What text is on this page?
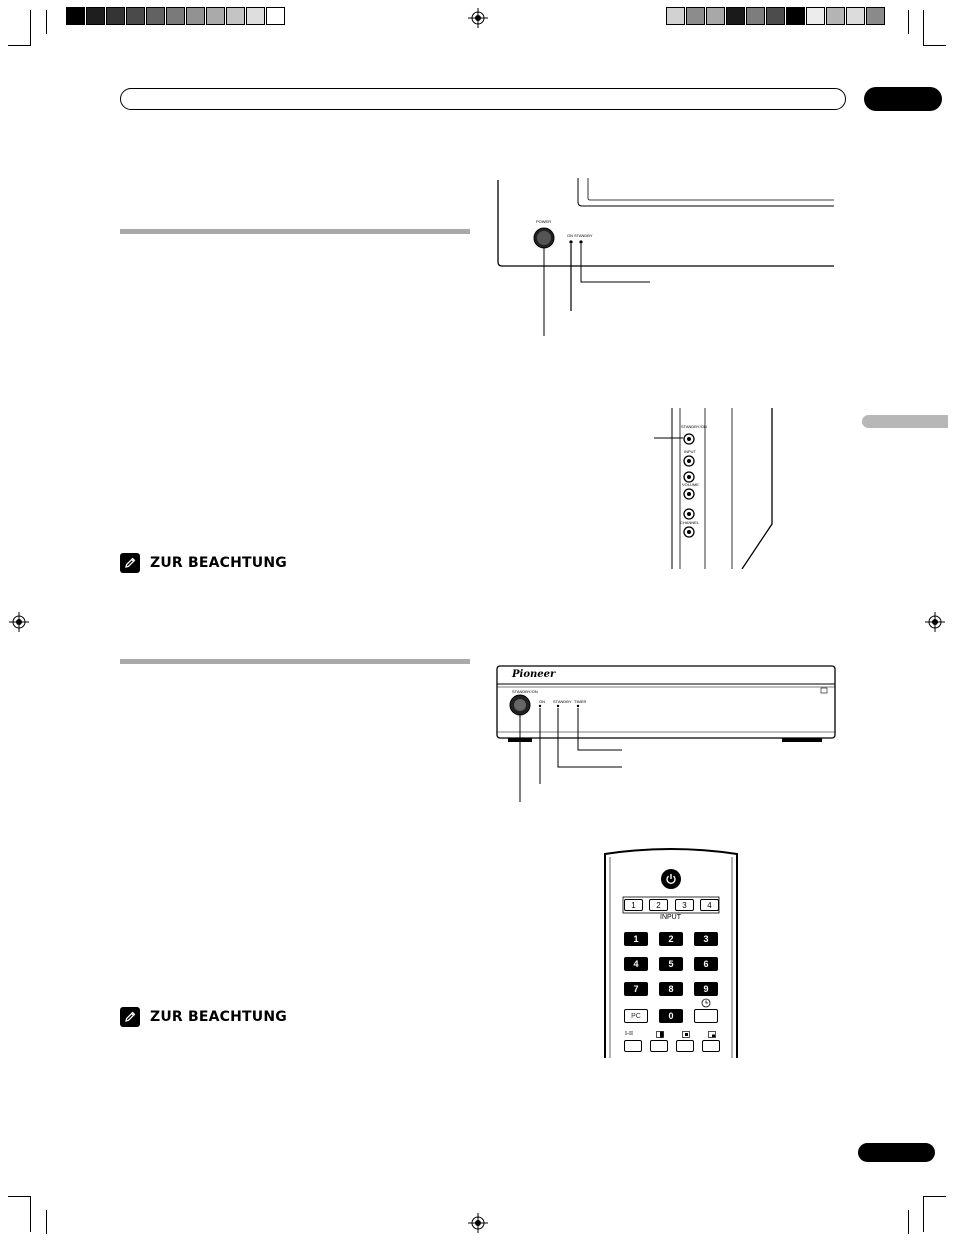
ZUR BEACHTUNG
ZUR BEACHTUNG
POWER
ON STANDBY
STANDBY/ON
INPUT
VOLUME
CHANNEL
Pioneer
STANDBY/ON
ON STANDBY TIMER
1	2	3	4
INPUT
1	2	3
4	5	6
7	8	9
PC	0
I-II
